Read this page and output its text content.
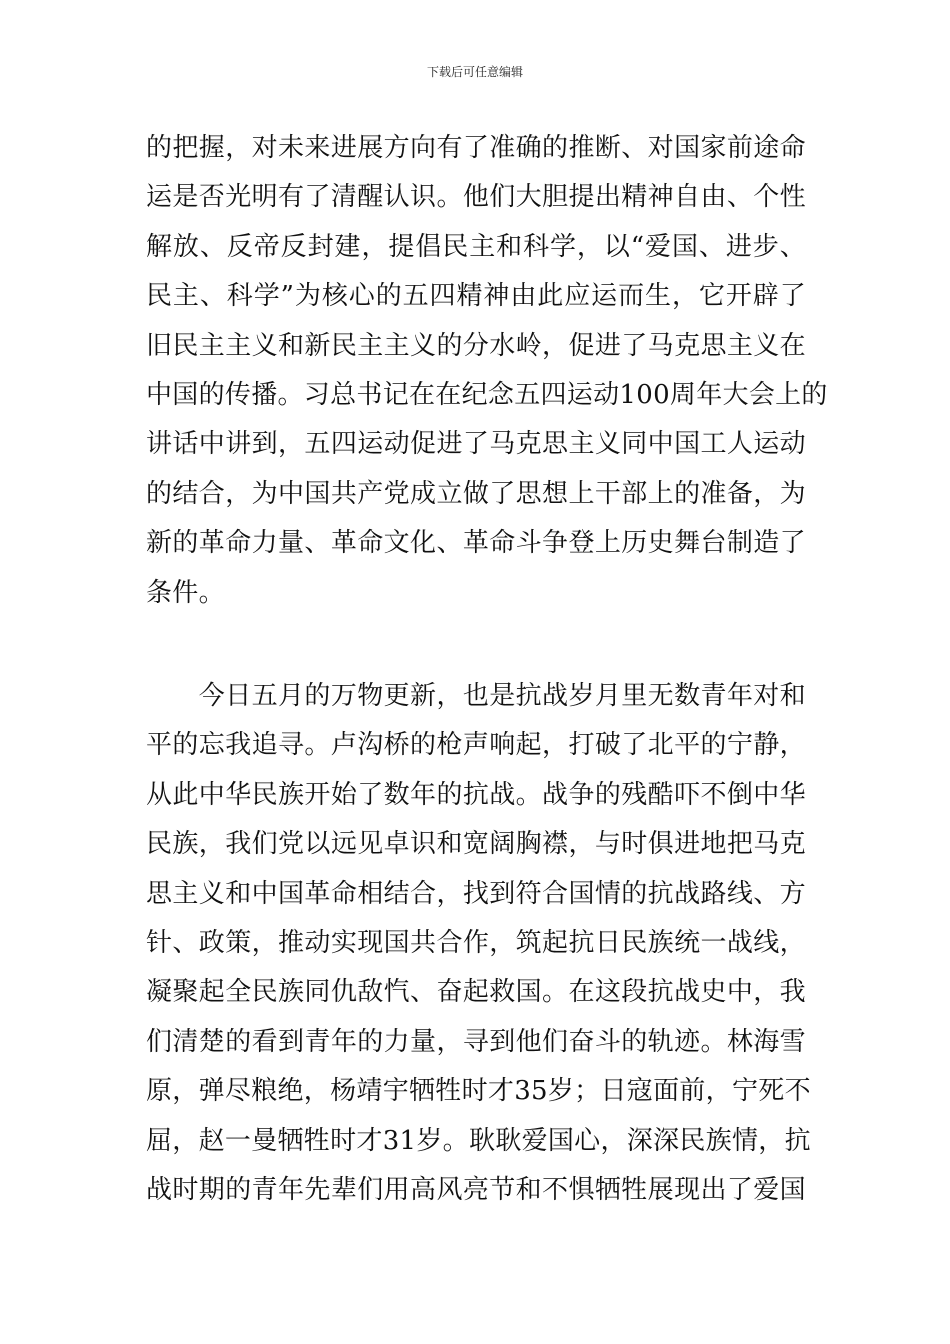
下载后可任意编辑
的把握，对未来进展方向有了准确的推断、对国家前途命
运是否光明有了清醒认识。他们大胆提出精神自由、个性
解放、反帝反封建，提倡民主和科学，以“爱国、进步、
民主、科学”为核心的五四精神由此应运而生，它开辟了
旧民主主义和新民主主义的分水岭，促进了马克思主义在
中国的传播。习总书记在在纪念五四运动100周年大会上的
讲话中讲到，五四运动促进了马克思主义同中国工人运动
的结合，为中国共产党成立做了思想上干部上的准备，为
新的革命力量、革命文化、革命斗争登上历史舞台制造了
条件。
　　今日五月的万物更新，也是抗战岁月里无数青年对和
平的忘我追寻。卢沟桥的枪声响起，打破了北平的宁静，
从此中华民族开始了数年的抗战。战争的残酷吓不倒中华
民族，我们党以远见卓识和宽阔胸襟，与时俱进地把马克
思主义和中国革命相结合，找到符合国情的抗战路线、方
针、政策，推动实现国共合作，筑起抗日民族统一战线，
凝聚起全民族同仇敌忾、奋起救国。在这段抗战史中，我
们清楚的看到青年的力量，寻到他们奋斗的轨迹。林海雪
原，弹尽粮绝，杨靖宇牺牲时才35岁；日寇面前，宁死不
屈，赵一曼牺牲时才31岁。耿耿爱国心，深深民族情，抗
战时期的青年先辈们用高风亮节和不惧牺牲展现出了爱国
